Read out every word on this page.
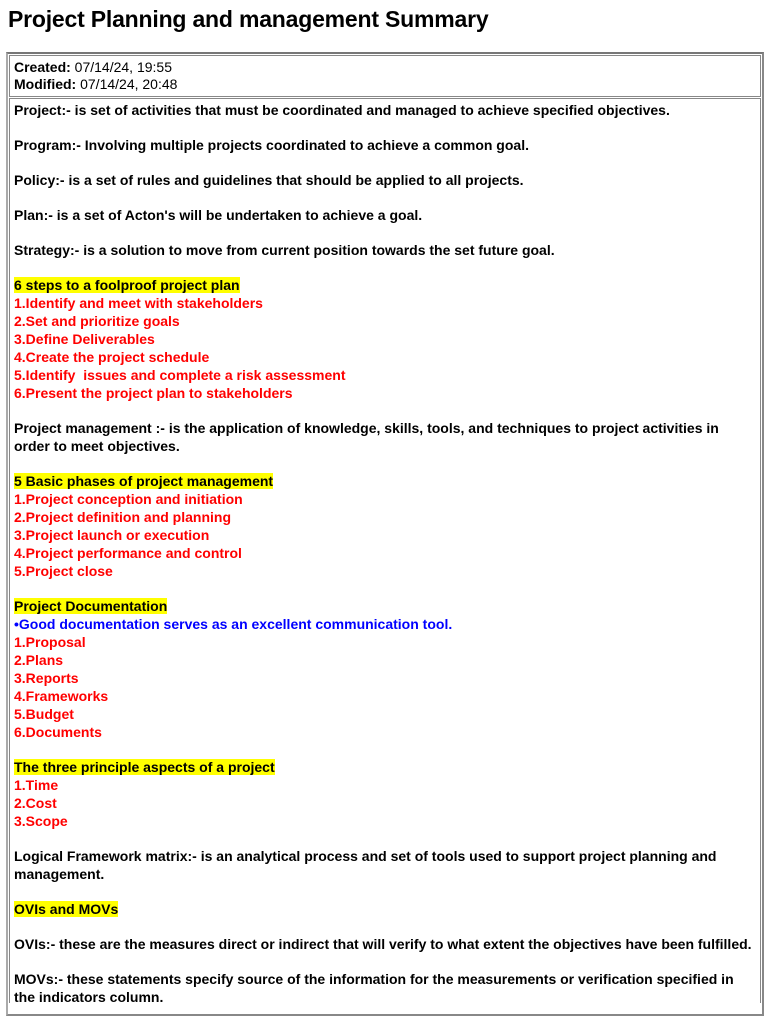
Project Planning and management Summary
Created: 07/14/24, 19:55
Modified: 07/14/24, 20:48

Project:- is set of activities that must be coordinated and managed to achieve specified objectives.

Program:- Involving multiple projects coordinated to achieve a common goal.

Policy:- is a set of rules and guidelines that should be applied to all projects.

Plan:- is a set of Acton's will be undertaken to achieve a goal.

Strategy:- is a solution to move from current position towards the set future goal.

6 steps to a foolproof project plan
1.Identify and meet with stakeholders
2.Set and prioritize goals
3.Define Deliverables
4.Create the project schedule
5.Identify  issues and complete a risk assessment
6.Present the project plan to stakeholders

Project management :- is the application of knowledge, skills, tools, and techniques to project activities in order to meet objectives.

5 Basic phases of project management
1.Project conception and initiation
2.Project definition and planning
3.Project launch or execution
4.Project performance and control
5.Project close
Project Documentation
•Good documentation serves as an excellent communication tool.
1.Proposal
2.Plans
3.Reports
4.Frameworks
5.Budget
6.Documents
The three principle aspects of a project
1.Time
2.Cost
3.Scope

Logical Framework matrix:- is an analytical process and set of tools used to support project planning and management.

OVIs and MOVs

OVIs:- these are the measures direct or indirect that will verify to what extent the objectives have been fulfilled.

MOVs:- these statements specify source of the information for the measurements or verification specified in the indicators column.
